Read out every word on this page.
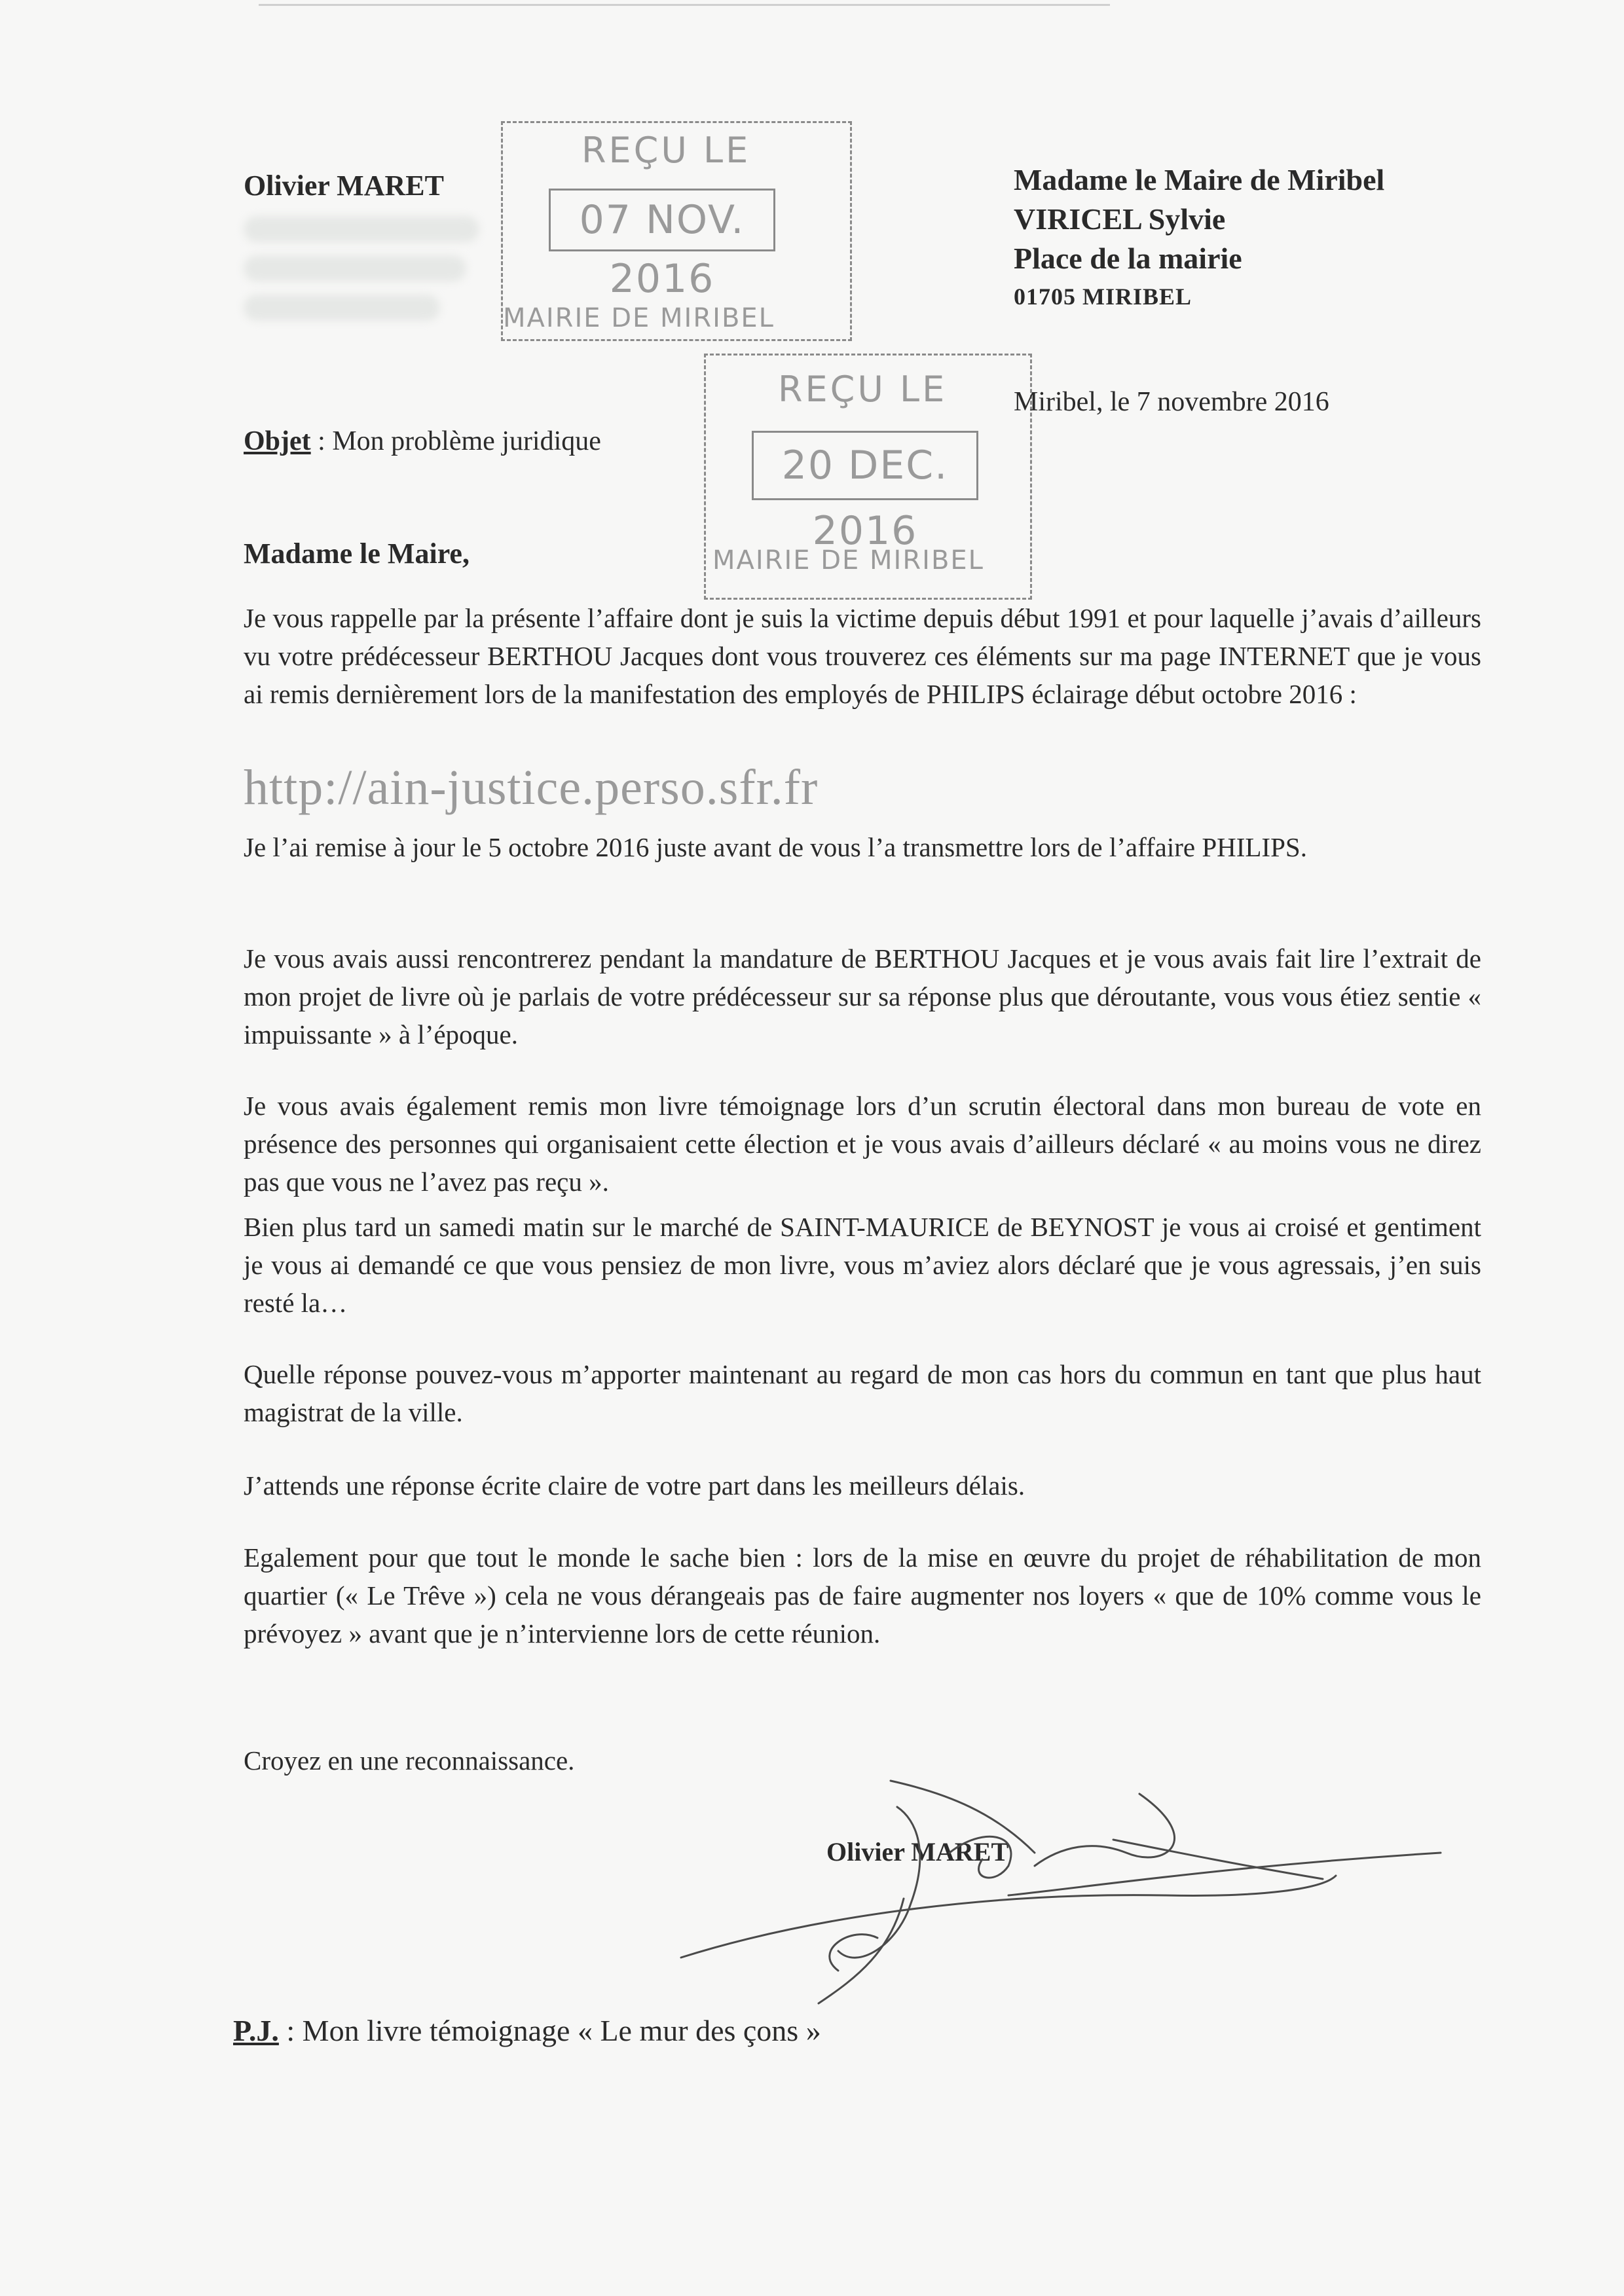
Olivier MARET	Madame le Maire de Miribel
VIRICEL Sylvie
Place de la mairie
01705 MIRIBEL
REÇU LE
07 NOV. 2016
MAIRIE DE MIRIBEL
REÇU LE
20 DEC. 2016
MAIRIE DE MIRIBEL
Miribel, le 7 novembre 2016
Objet : Mon problème juridique
Madame le Maire,
Je vous rappelle par la présente l’affaire dont je suis la victime depuis début 1991 et pour laquelle j’avais d’ailleurs vu votre prédécesseur BERTHOU Jacques dont vous trouverez ces éléments sur ma page INTERNET que je vous ai remis dernièrement lors de la manifestation des employés de PHILIPS éclairage début octobre 2016 :
http://ain-justice.perso.sfr.fr
Je l’ai remise à jour le 5 octobre 2016 juste avant de vous l’a transmettre lors de l’affaire PHILIPS.
Je vous avais aussi rencontrerez pendant la mandature de BERTHOU Jacques et je vous avais fait lire l’extrait de mon projet de livre où je parlais de votre prédécesseur sur sa réponse plus que déroutante, vous vous étiez sentie « impuissante » à l’époque.
Je vous avais également remis mon livre témoignage lors d’un scrutin électoral dans mon bureau de vote en présence des personnes qui organisaient cette élection et je vous avais d’ailleurs déclaré « au moins vous ne direz pas que vous ne l’avez pas reçu ».
Bien plus tard un samedi matin sur le marché de SAINT-MAURICE de BEYNOST je vous ai croisé et gentiment je vous ai demandé ce que vous pensiez de mon livre, vous m’aviez alors déclaré que je vous agressais, j’en suis resté la…
Quelle réponse pouvez-vous m’apporter maintenant au regard de mon cas hors du commun en tant que plus haut magistrat de la ville.
J’attends une réponse écrite claire de votre part dans les meilleurs délais.
Egalement pour que tout le monde le sache bien : lors de la mise en œuvre du projet de réhabilitation de mon quartier (« Le Trêve ») cela ne vous dérangeais pas de faire augmenter nos loyers « que de 10% comme vous le prévoyez » avant que je n’intervienne lors de cette réunion.
Croyez en une reconnaissance.
Olivier MARET
P.J. : Mon livre témoignage « Le mur des çons »
